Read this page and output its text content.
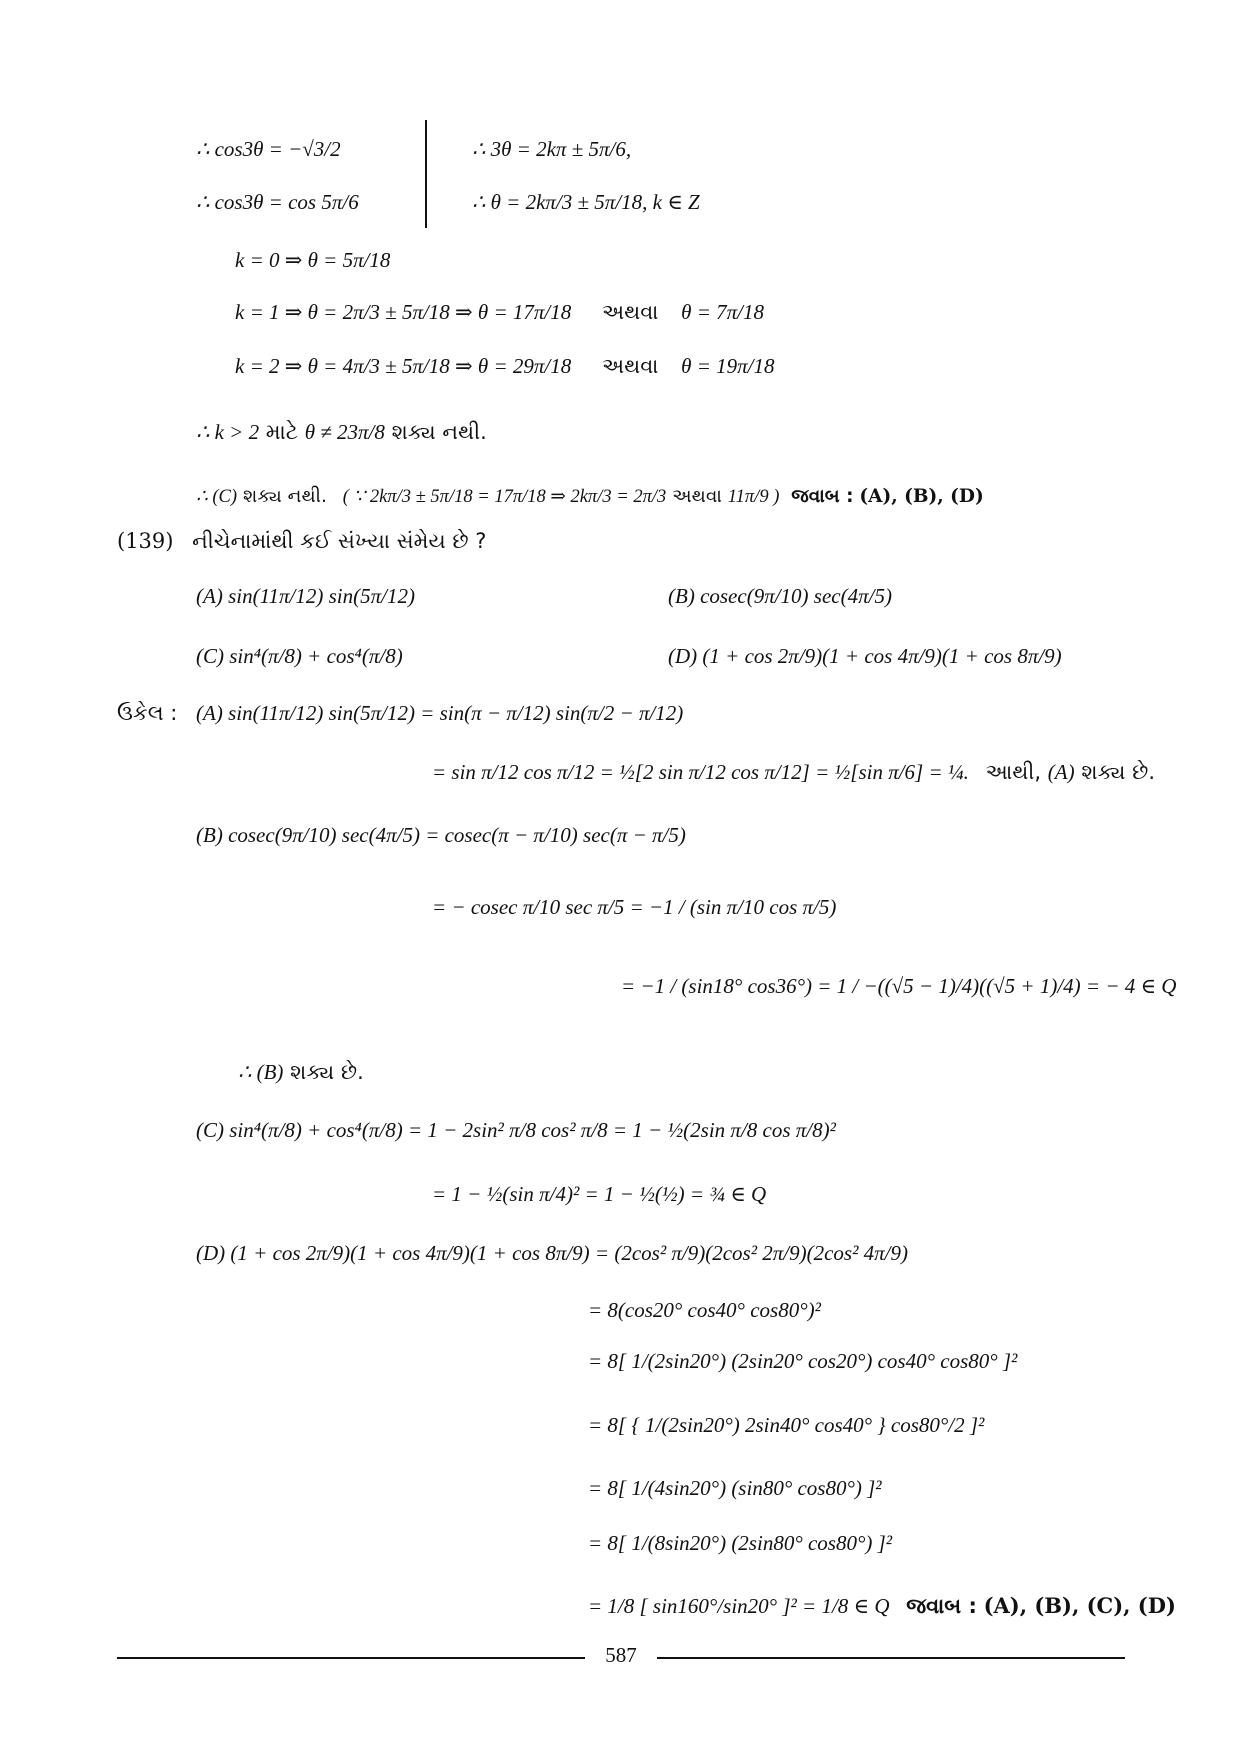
∴ cos3θ = −√3/2
∴ cos3θ = cos 5π/6
∴ 3θ = 2kπ ± 5π/6,
∴ θ = 2kπ/3 ± 5π/18, k ∈ Z
k = 0 ⇒ θ = 5π/18
k = 1 ⇒ θ = 2π/3 ± 5π/18 ⇒ θ = 17π/18 અથવા θ = 7π/18
k = 2 ⇒ θ = 4π/3 ± 5π/18 ⇒ θ = 29π/18 અથવા θ = 19π/18
∴ k > 2 માટે θ ≠ 23π/8 શક્ય નથી.
∴ (C) શક્ય નથી. ( ∵ 2kπ/3 ± 5π/18 = 17π/18 ⇒ 2kπ/3 = 2π/3 અથવા 11π/9 ) જવાબ : (A), (B), (D)
(139) નીચેનામાંથી કઈ સંખ્યા સંમેય છે ?
(A) sin(11π/12) sin(5π/12)	(B) cosec(9π/10) sec(4π/5)
(C) sin⁴(π/8) + cos⁴(π/8)	(D) (1 + cos 2π/9)(1 + cos 4π/9)(1 + cos 8π/9)
ઉકેલ : (A) sin(11π/12) sin(5π/12) = sin(π − π/12) sin(π/2 − π/12)
= sin π/12 cos π/12 = ½[2 sin π/12 cos π/12] = ½[sin π/6] = ¼. આથી, (A) શક્ય છે.
(B) cosec(9π/10) sec(4π/5) = cosec(π − π/10) sec(π − π/5)
= − cosec π/10 sec π/5 = −1 / (sin π/10 cos π/5)
= −1 / (sin18° cos36°) = 1 / −((√5 − 1)/4)((√5 + 1)/4) = − 4 ∈ Q
∴ (B) શક્ય છે.
(C) sin⁴(π/8) + cos⁴(π/8) = 1 − 2sin² π/8 cos² π/8 = 1 − ½(2sin π/8 cos π/8)²
= 1 − ½(sin π/4)² = 1 − ½(½) = ¾ ∈ Q
(D) (1 + cos 2π/9)(1 + cos 4π/9)(1 + cos 8π/9) = (2cos² π/9)(2cos² 2π/9)(2cos² 4π/9)
= 8(cos20° cos40° cos80°)²
= 8[ 1/(2sin20°) (2sin20° cos20°) cos40° cos80° ]²
= 8[ { 1/(2sin20°) 2sin40° cos40° } cos80°/2 ]²
= 8[ 1/(4sin20°) (sin80° cos80°) ]²
= 8[ 1/(8sin20°) (2sin80° cos80°) ]²
= 1/8 [ sin160°/sin20° ]² = 1/8 ∈ Q જવાબ : (A), (B), (C), (D)
587
